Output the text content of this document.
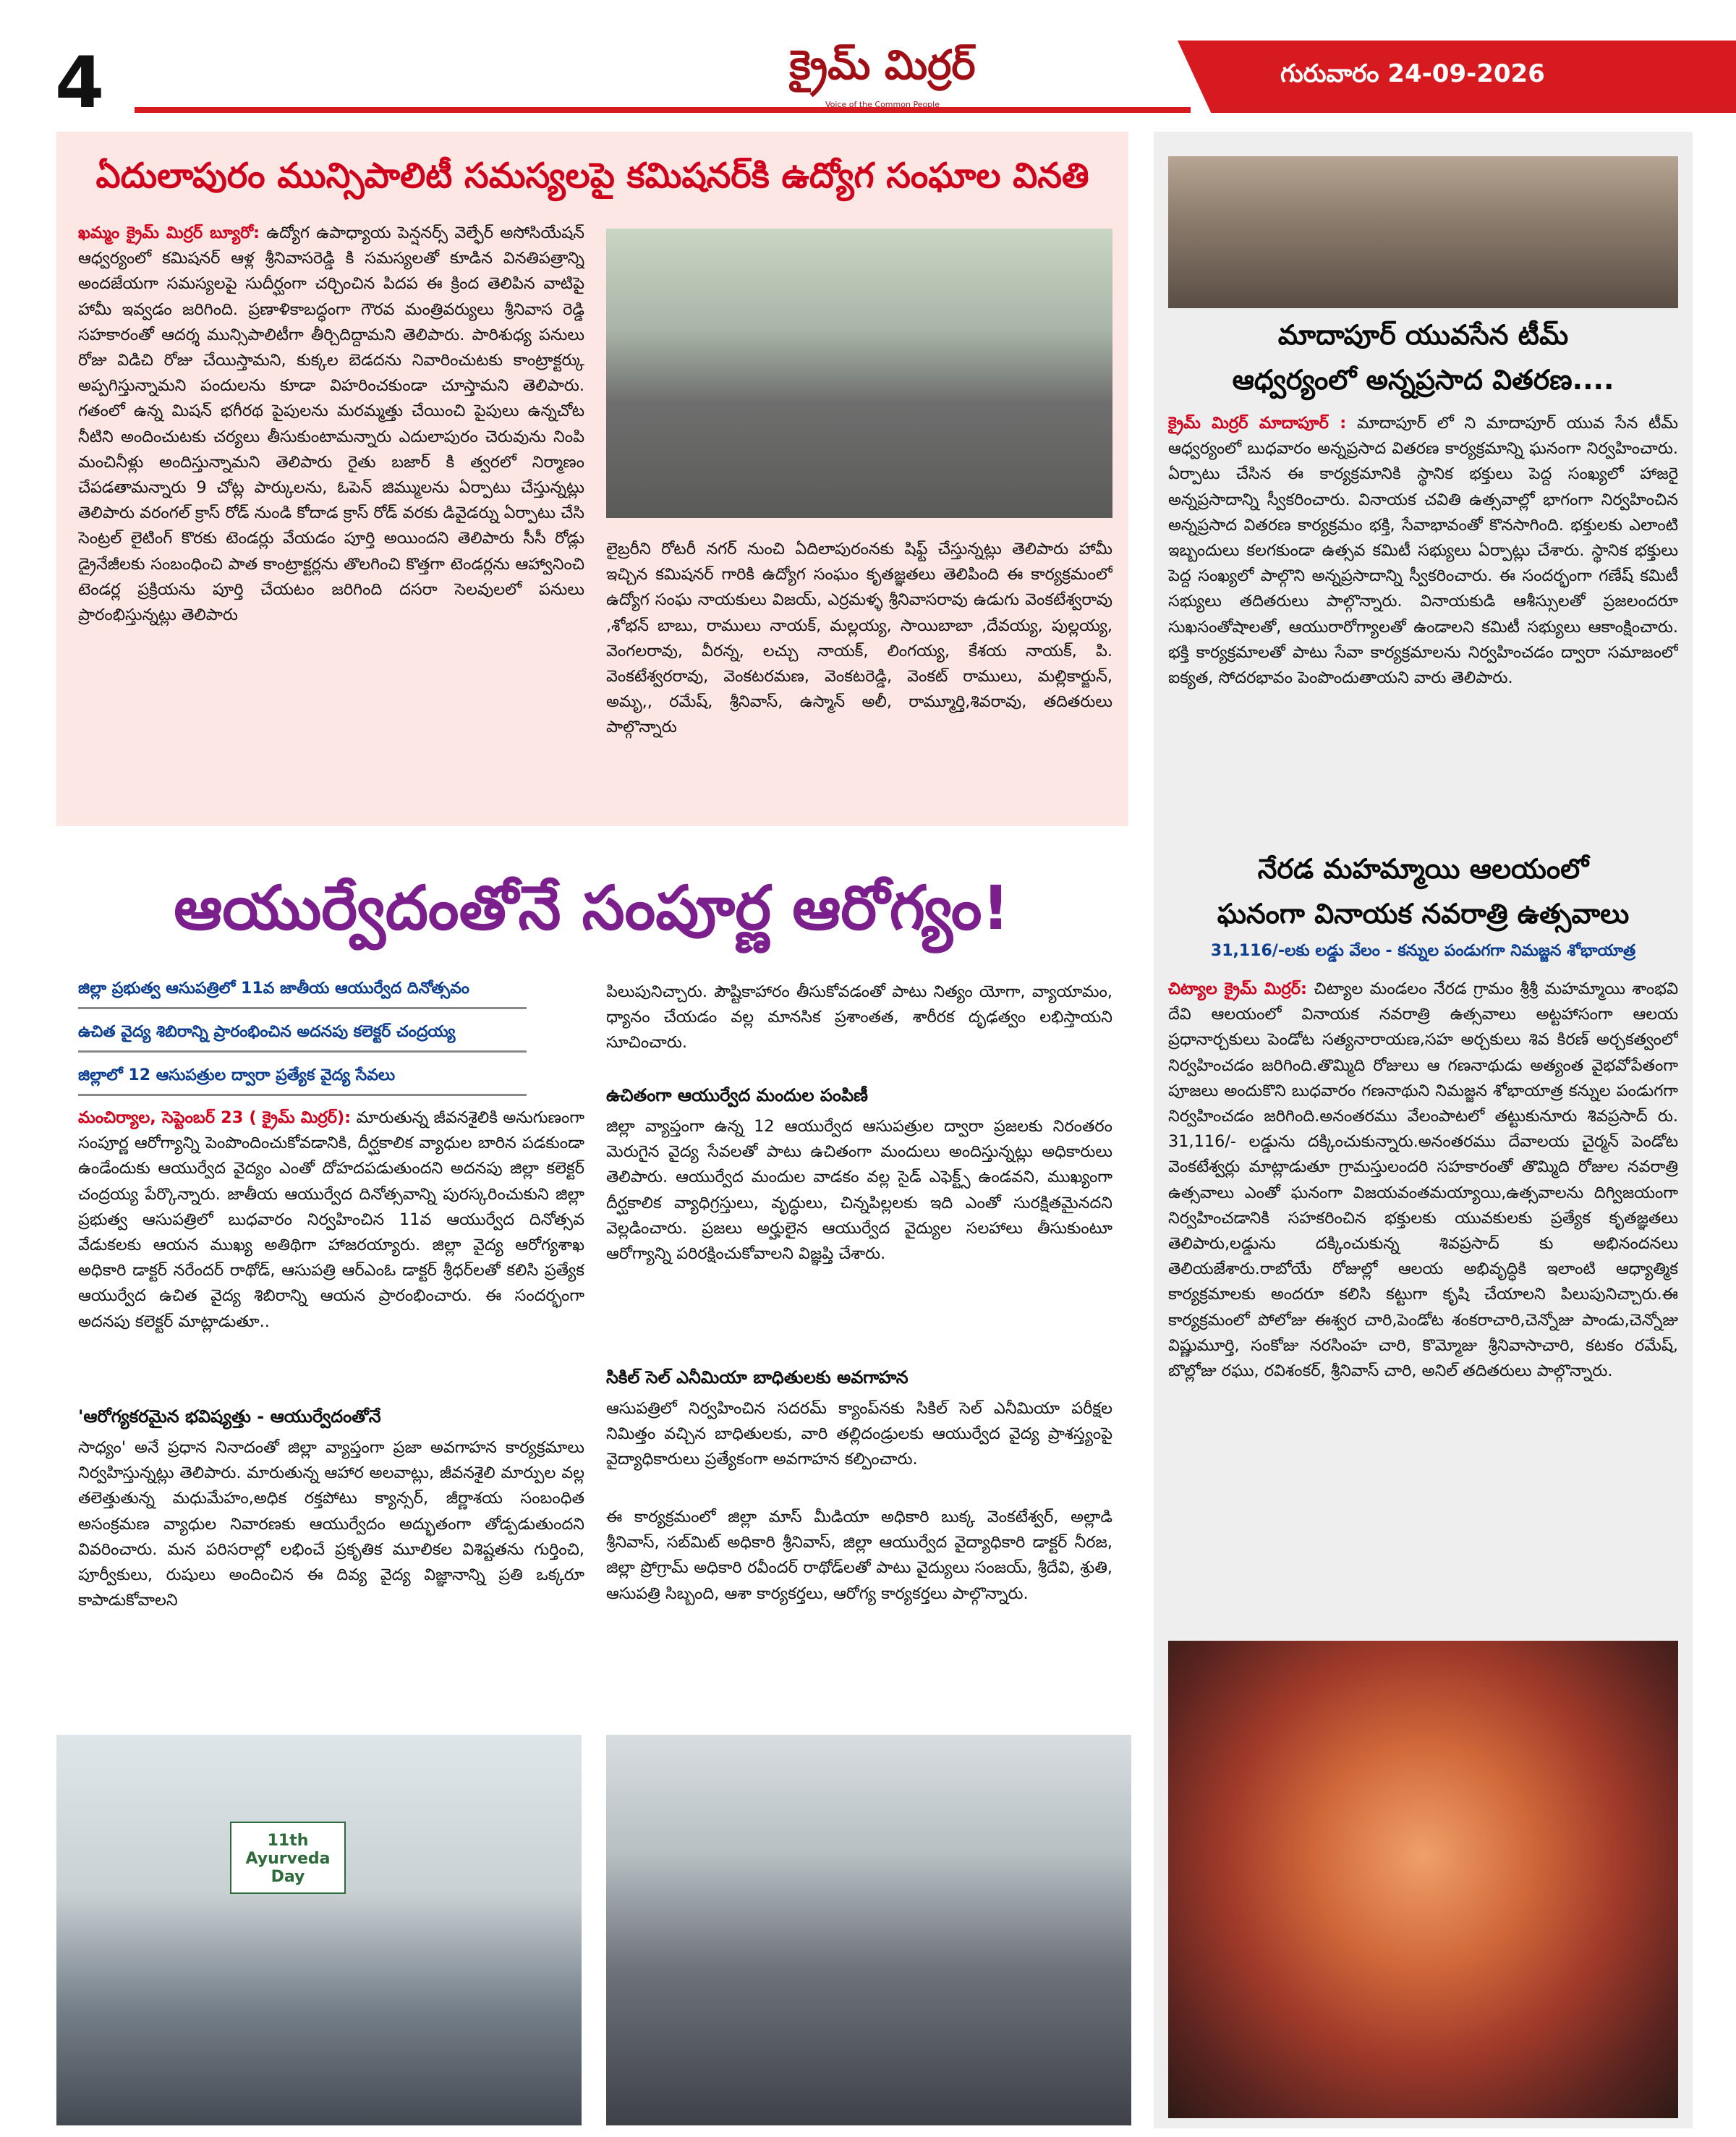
4	గురువారం 24-09-2026
క్రైమ్ మిర్రర్
Voice of the Common People
ఏదులాపురం మున్సిపాలిటీ సమస్యలపై కమిషనర్‌కి ఉద్యోగ సంఘాల వినతి

ఖమ్మం క్రైమ్ మిర్రర్ బ్యూరో: ఉద్యోగ ఉపాధ్యాయ పెన్షనర్స్ వెల్ఫేర్ అసోసియేషన్ ఆధ్వర్యంలో కమిషనర్ ఆళ్ల శ్రీనివాసరెడ్డి కి సమస్యలతో కూడిన వినతిపత్రాన్ని అందజేయగా సమస్యలపై సుదీర్ఘంగా చర్చించిన పిదప ఈ క్రింద తెలిపిన వాటిపై హామీ ఇవ్వడం జరిగింది. ప్రణాళికాబద్ధంగా గౌరవ మంత్రివర్యులు శ్రీనివాస రెడ్డి సహకారంతో ఆదర్శ మున్సిపాలిటీగా తీర్చిదిద్దామని తెలిపారు. పారిశుధ్య పనులు రోజు విడిచి రోజు చేయిస్తామని, కుక్కల బెడదను నివారించుటకు కాంట్రాక్టర్కు అప్పగిస్తున్నామని పందులను కూడా విహరించకుండా చూస్తామని తెలిపారు. గతంలో ఉన్న మిషన్ భగీరథ పైపులను మరమ్మత్తు చేయించి పైపులు ఉన్నచోట నీటిని అందించుటకు చర్యలు తీసుకుంటామన్నారు ఎదులాపురం చెరువును నింపి మంచినీళ్లు అందిస్తున్నామని తెలిపారు రైతు బజార్ కి త్వరలో నిర్మాణం చేపడతామన్నారు 9 చోట్ల పార్కులను, ఓపెన్ జిమ్ములను ఏర్పాటు చేస్తున్నట్లు తెలిపారు వరంగల్ క్రాస్ రోడ్ నుండి కోదాడ క్రాస్ రోడ్ వరకు డివైడర్ను ఏర్పాటు చేసి సెంట్రల్ లైటింగ్ కొరకు టెండర్లు వేయడం పూర్తి అయిందని తెలిపారు సీసీ రోడ్లు డ్రైనేజీలకు సంబంధించి పాత కాంట్రాక్టర్లను తొలగించి కొత్తగా టెండర్లను ఆహ్వానించి టెండర్ల ప్రక్రియను పూర్తి చేయటం జరిగింది దసరా సెలవులలో పనులు ప్రారంభిస్తున్నట్లు తెలిపారు

లైబ్రరీని రోటరీ నగర్ నుంచి ఏదిలాపురంనకు షిఫ్ట్ చేస్తున్నట్లు తెలిపారు హామీ ఇచ్చిన కమిషనర్ గారికి ఉద్యోగ సంఘం కృతజ్ఞతలు తెలిపింది ఈ కార్యక్రమంలో ఉద్యోగ సంఘ నాయకులు విజయ్, ఎర్రమళ్ళ శ్రీనివాసరావు ఉడుగు వెంకటేశ్వరావు ,శోభన్ బాబు, రాములు నాయక్, మల్లయ్య, సాయిబాబా ,దేవయ్య, పుల్లయ్య, వెంగలరావు, వీరన్న, లచ్చు నాయక్, లింగయ్య, కేశయ నాయక్, పి. వెంకటేశ్వరరావు, వెంకటరమణ, వెంకటరెడ్డి, వెంకట్ రాములు, మల్లికార్జున్, అమృ,, రమేష్, శ్రీనివాస్, ఉస్మాన్ అలీ, రామ్మూర్తి,శివరావు, తదితరులు పాల్గొన్నారు

ఆయుర్వేదంతోనే సంపూర్ణ ఆరోగ్యం!
జిల్లా ప్రభుత్వ ఆసుపత్రిలో 11వ జాతీయ ఆయుర్వేద దినోత్సవం
ఉచిత వైద్య శిబిరాన్ని ప్రారంభించిన అదనపు కలెక్టర్ చంద్రయ్య
జిల్లాలో 12 ఆసుపత్రుల ద్వారా ప్రత్యేక వైద్య సేవలు

మంచిర్యాల, సెప్టెంబర్ 23 ( క్రైమ్ మిర్రర్): మారుతున్న జీవనశైలికి అనుగుణంగా సంపూర్ణ ఆరోగ్యాన్ని పెంపొందించుకోవడానికి, దీర్ఘకాలిక వ్యాధుల బారిన పడకుండా ఉండేందుకు ఆయుర్వేద వైద్యం ఎంతో దోహదపడుతుందని అదనపు జిల్లా కలెక్టర్ చంద్రయ్య పేర్కొన్నారు. జాతీయ ఆయుర్వేద దినోత్సవాన్ని పురస్కరించుకుని జిల్లా ప్రభుత్వ ఆసుపత్రిలో బుధవారం నిర్వహించిన 11వ ఆయుర్వేద దినోత్సవ వేడుకలకు ఆయన ముఖ్య అతిథిగా హాజరయ్యారు. జిల్లా వైద్య ఆరోగ్యశాఖ అధికారి డాక్టర్ నరేందర్ రాథోడ్, ఆసుపత్రి ఆర్ఎంఓ డాక్టర్ శ్రీధర్‌లతో కలిసి ప్రత్యేక ఆయుర్వేద ఉచిత వైద్య శిబిరాన్ని ఆయన ప్రారంభించారు. ఈ సందర్భంగా అదనపు కలెక్టర్ మాట్లాడుతూ..

'ఆరోగ్యకరమైన భవిష్యత్తు - ఆయుర్వేదంతోనే

సాధ్యం' అనే ప్రధాన నినాదంతో జిల్లా వ్యాప్తంగా ప్రజా అవగాహన కార్యక్రమాలు నిర్వహిస్తున్నట్లు తెలిపారు. మారుతున్న ఆహార అలవాట్లు, జీవనశైలి మార్పుల వల్ల తలెత్తుతున్న మధుమేహం,అధిక రక్తపోటు క్యాన్సర్, జీర్ణాశయ సంబంధిత అసంక్రమణ వ్యాధుల నివారణకు ఆయుర్వేదం అద్భుతంగా తోడ్పడుతుందని వివరించారు. మన పరిసరాల్లో లభించే ప్రకృతిక మూలికల విశిష్టతను గుర్తించి, పూర్వీకులు, రుషులు అందించిన ఈ దివ్య వైద్య విజ్ఞానాన్ని ప్రతి ఒక్కరూ కాపాడుకోవాలని

పిలుపునిచ్చారు. పౌష్టికాహారం తీసుకోవడంతో పాటు నిత్యం యోగా, వ్యాయామం, ధ్యానం చేయడం వల్ల మానసిక ప్రశాంతత, శారీరక దృఢత్వం లభిస్తాయని సూచించారు.

ఉచితంగా ఆయుర్వేద మందుల పంపిణీ

జిల్లా వ్యాప్తంగా ఉన్న 12 ఆయుర్వేద ఆసుపత్రుల ద్వారా ప్రజలకు నిరంతరం మెరుగైన వైద్య సేవలతో పాటు ఉచితంగా మందులు అందిస్తున్నట్లు అధికారులు తెలిపారు. ఆయుర్వేద మందుల వాడకం వల్ల సైడ్ ఎఫెక్ట్స్ ఉండవని, ముఖ్యంగా దీర్ఘకాలిక వ్యాధిగ్రస్తులు, వృద్ధులు, చిన్నపిల్లలకు ఇది ఎంతో సురక్షితమైనదని వెల్లడించారు. ప్రజలు అర్హులైన ఆయుర్వేద వైద్యుల సలహాలు తీసుకుంటూ ఆరోగ్యాన్ని పరిరక్షించుకోవాలని విజ్ఞప్తి చేశారు.

సికిల్ సెల్ ఎనీమియా బాధితులకు అవగాహన

ఆసుపత్రిలో నిర్వహించిన సదరమ్ క్యాంప్‌నకు సికిల్ సెల్ ఎనీమియా పరీక్షల నిమిత్తం వచ్చిన బాధితులకు, వారి తల్లిదండ్రులకు ఆయుర్వేద వైద్య ప్రాశస్త్యంపై వైద్యాధికారులు ప్రత్యేకంగా అవగాహన కల్పించారు.

ఈ కార్యక్రమంలో జిల్లా మాస్ మీడియా అధికారి బుక్క వెంకటేశ్వర్, అల్లాడి శ్రీనివాస్, సబ్‌మిట్ అధికారి శ్రీనివాస్, జిల్లా ఆయుర్వేద వైద్యాధికారి డాక్టర్ నీరజ, జిల్లా ప్రోగ్రామ్ అధికారి రవీందర్ రాథోడ్‌లతో పాటు వైద్యులు సంజయ్, శ్రీదేవి, శ్రుతి, ఆసుపత్రి సిబ్బంది, ఆశా కార్యకర్తలు, ఆరోగ్య కార్యకర్తలు పాల్గొన్నారు.

11th Ayurveda Day
మాదాపూర్ యువసేన టీమ్
ఆధ్వర్యంలో అన్నప్రసాద వితరణ....

క్రైమ్ మిర్రర్ మాదాపూర్ : మాదాపూర్ లో ని మాదాపూర్ యువ సేన టీమ్ ఆధ్వర్యంలో బుధవారం అన్నప్రసాద వితరణ కార్యక్రమాన్ని ఘనంగా నిర్వహించారు. ఏర్పాటు చేసిన ఈ కార్యక్రమానికి స్థానిక భక్తులు పెద్ద సంఖ్యలో హాజరై అన్నప్రసాదాన్ని స్వీకరించారు. వినాయక చవితి ఉత్సవాల్లో భాగంగా నిర్వహించిన అన్నప్రసాద వితరణ కార్యక్రమం భక్తి, సేవాభావంతో కొనసాగింది. భక్తులకు ఎలాంటి ఇబ్బందులు కలగకుండా ఉత్సవ కమిటీ సభ్యులు ఏర్పాట్లు చేశారు. స్థానిక భక్తులు పెద్ద సంఖ్యలో పాల్గొని అన్నప్రసాదాన్ని స్వీకరించారు. ఈ సందర్భంగా గణేష్ కమిటీ సభ్యులు తదితరులు పాల్గొన్నారు. వినాయకుడి ఆశీస్సులతో ప్రజలందరూ సుఖసంతోషాలతో, ఆయురారోగ్యాలతో ఉండాలని కమిటీ సభ్యులు ఆకాంక్షించారు. భక్తి కార్యక్రమాలతో పాటు సేవా కార్యక్రమాలను నిర్వహించడం ద్వారా సమాజంలో ఐక్యత, సోదరభావం పెంపొందుతాయని వారు తెలిపారు.

నేరడ మహమ్మాయి ఆలయంలో
ఘనంగా వినాయక నవరాత్రి ఉత్సవాలు
31,116/-లకు లడ్డు వేలం - కన్నుల పండుగగా నిమజ్జన శోభాయాత్ర

చిట్యాల క్రైమ్ మిర్రర్: చిట్యాల మండలం నేరడ గ్రామం శ్రీశ్రీ మహమ్మాయి శాంభవి దేవి ఆలయంలో వినాయక నవరాత్రి ఉత్సవాలు అట్టహాసంగా ఆలయ ప్రధానార్చకులు పెండోట సత్యనారాయణ,సహ అర్చకులు శివ కిరణ్ అర్చకత్వంలో నిర్వహించడం జరిగింది.తొమ్మిది రోజులు ఆ గణనాథుడు అత్యంత వైభవోపేతంగా పూజలు అందుకొని బుధవారం గణనాథుని నిమజ్జన శోభాయాత్ర కన్నుల పండుగగా నిర్వహించడం జరిగింది.అనంతరము వేలంపాటలో తట్టుకునూరు శివప్రసాద్ రు. 31,116/- లడ్డును దక్కించుకున్నారు.అనంతరము దేవాలయ చైర్మన్ పెండోట వెంకటేశ్వర్లు మాట్లాడుతూ గ్రామస్తులందరి సహకారంతో తొమ్మిది రోజుల నవరాత్రి ఉత్సవాలు ఎంతో ఘనంగా విజయవంతమయ్యాయి,ఉత్సవాలను దిగ్విజయంగా నిర్వహించడానికి సహకరించిన భక్తులకు యువకులకు ప్రత్యేక కృతజ్ఞతలు తెలిపారు,లడ్డును దక్కించుకున్న శివప్రసాద్ కు అభినందనలు తెలియజేశారు.రాబోయే రోజుల్లో ఆలయ అభివృద్ధికి ఇలాంటి ఆధ్యాత్మిక కార్యక్రమాలకు అందరూ కలిసి కట్టుగా కృషి చేయాలని పిలుపునిచ్చారు.ఈ కార్యక్రమంలో పోలోజు ఈశ్వర చారి,పెండోట శంకరాచారి,చెన్నోజు పాండు,చెన్నోజు విష్ణుమూర్తి, సంకోజు నరసింహ చారి, కొమ్మోజు శ్రీనివాసాచారి, కటకం రమేష్, బొల్లోజు రఘు, రవిశంకర్, శ్రీనివాస్ చారి, అనిల్ తదితరులు పాల్గొన్నారు.
